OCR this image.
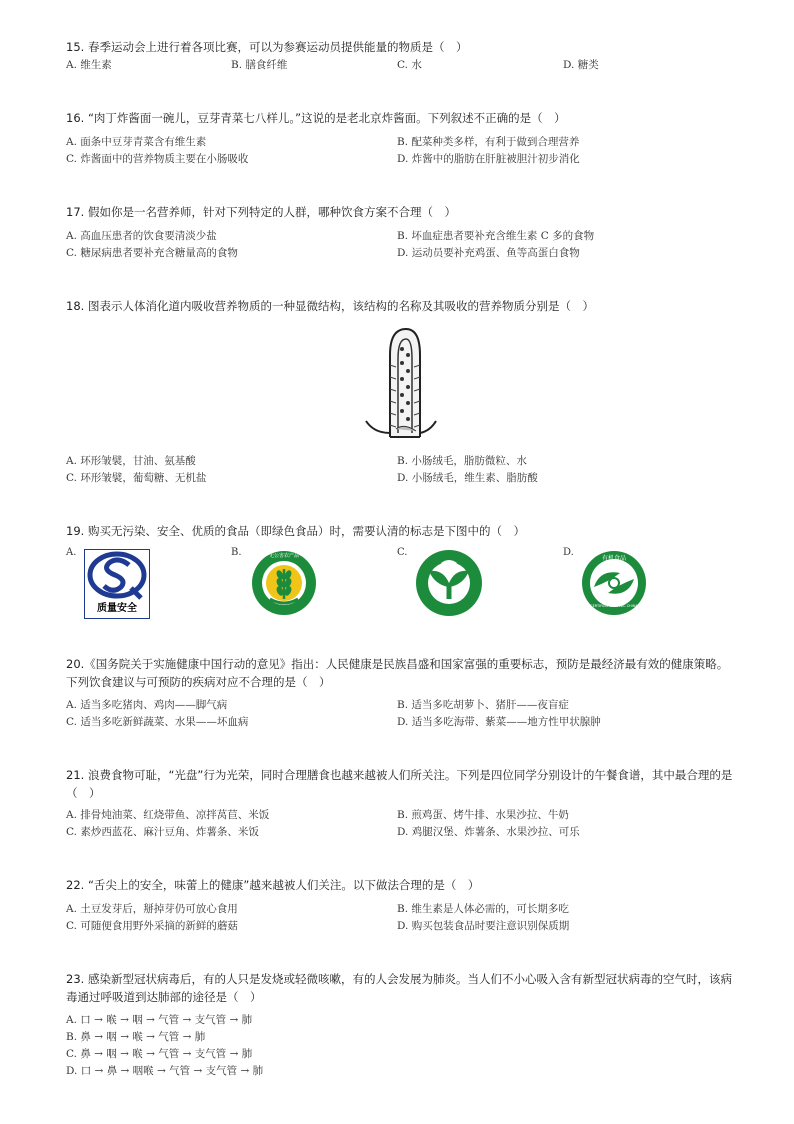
15. 春季运动会上进行着各项比赛，可以为参赛运动员提供能量的物质是（　）
A. 维生素	B. 膳食纤维	C. 水	D. 糖类
16. “肉丁炸酱面一碗儿，豆芽青菜七八样儿。”这说的是老北京炸酱面。下列叙述不正确的是（　）
A. 面条中豆芽青菜含有维生素	B. 配菜种类多样，有利于做到合理营养
C. 炸酱面中的营养物质主要在小肠吸收	D. 炸酱中的脂肪在肝脏被胆汁初步消化
17. 假如你是一名营养师，针对下列特定的人群，哪种饮食方案不合理（　）
A. 高血压患者的饮食要清淡少盐	B. 坏血症患者要补充含维生素 C 多的食物
C. 糖尿病患者要补充含糖量高的食物	D. 运动员要补充鸡蛋、鱼等高蛋白食物
18. 图表示人体消化道内吸收营养物质的一种显微结构，该结构的名称及其吸收的营养物质分别是（　）
A. 环形皱襞，甘油、氨基酸	B. 小肠绒毛，脂肪微粒、水
C. 环形皱襞，葡萄糖、无机盐	D. 小肠绒毛，维生素、脂肪酸
19. 购买无污染、安全、优质的食品（即绿色食品）时，需要认清的标志是下图中的（　）
A.	B.	C.	D.
质量安全
无公害农产品	有机食品
CERTIFIED ORGANIC CHINA
20.《国务院关于实施健康中国行动的意见》指出：人民健康是民族昌盛和国家富强的重要标志，预防是最经济最有效的健康策略。下列饮食建议与可预防的疾病对应不合理的是（　）
A. 适当多吃猪肉、鸡肉——脚气病	B. 适当多吃胡萝卜、猪肝——夜盲症
C. 适当多吃新鲜蔬菜、水果——坏血病	D. 适当多吃海带、紫菜——地方性甲状腺肿
21. 浪费食物可耻，“光盘”行为光荣，同时合理膳食也越来越被人们所关注。下列是四位同学分别设计的午餐食谱，其中最合理的是（　）
A. 排骨炖油菜、红烧带鱼、凉拌莴苣、米饭	B. 煎鸡蛋、烤牛排、水果沙拉、牛奶
C. 素炒西蓝花、麻汁豆角、炸薯条、米饭	D. 鸡腿汉堡、炸薯条、水果沙拉、可乐
22. “舌尖上的安全，味蕾上的健康”越来越被人们关注。以下做法合理的是（　）
A. 土豆发芽后，掰掉芽仍可放心食用	B. 维生素是人体必需的，可长期多吃
C. 可随便食用野外采摘的新鲜的蘑菇	D. 购买包装食品时要注意识别保质期
23. 感染新型冠状病毒后，有的人只是发烧或轻微咳嗽，有的人会发展为肺炎。当人们不小心吸入含有新型冠状病毒的空气时，该病毒通过呼吸道到达肺部的途径是（　）
A. 口 → 喉 → 咽 → 气管 → 支气管 → 肺
B. 鼻 → 咽 → 喉 → 气管 → 肺
C. 鼻 → 咽 → 喉 → 气管 → 支气管 → 肺
D. 口 → 鼻 → 咽喉 → 气管 → 支气管 → 肺
